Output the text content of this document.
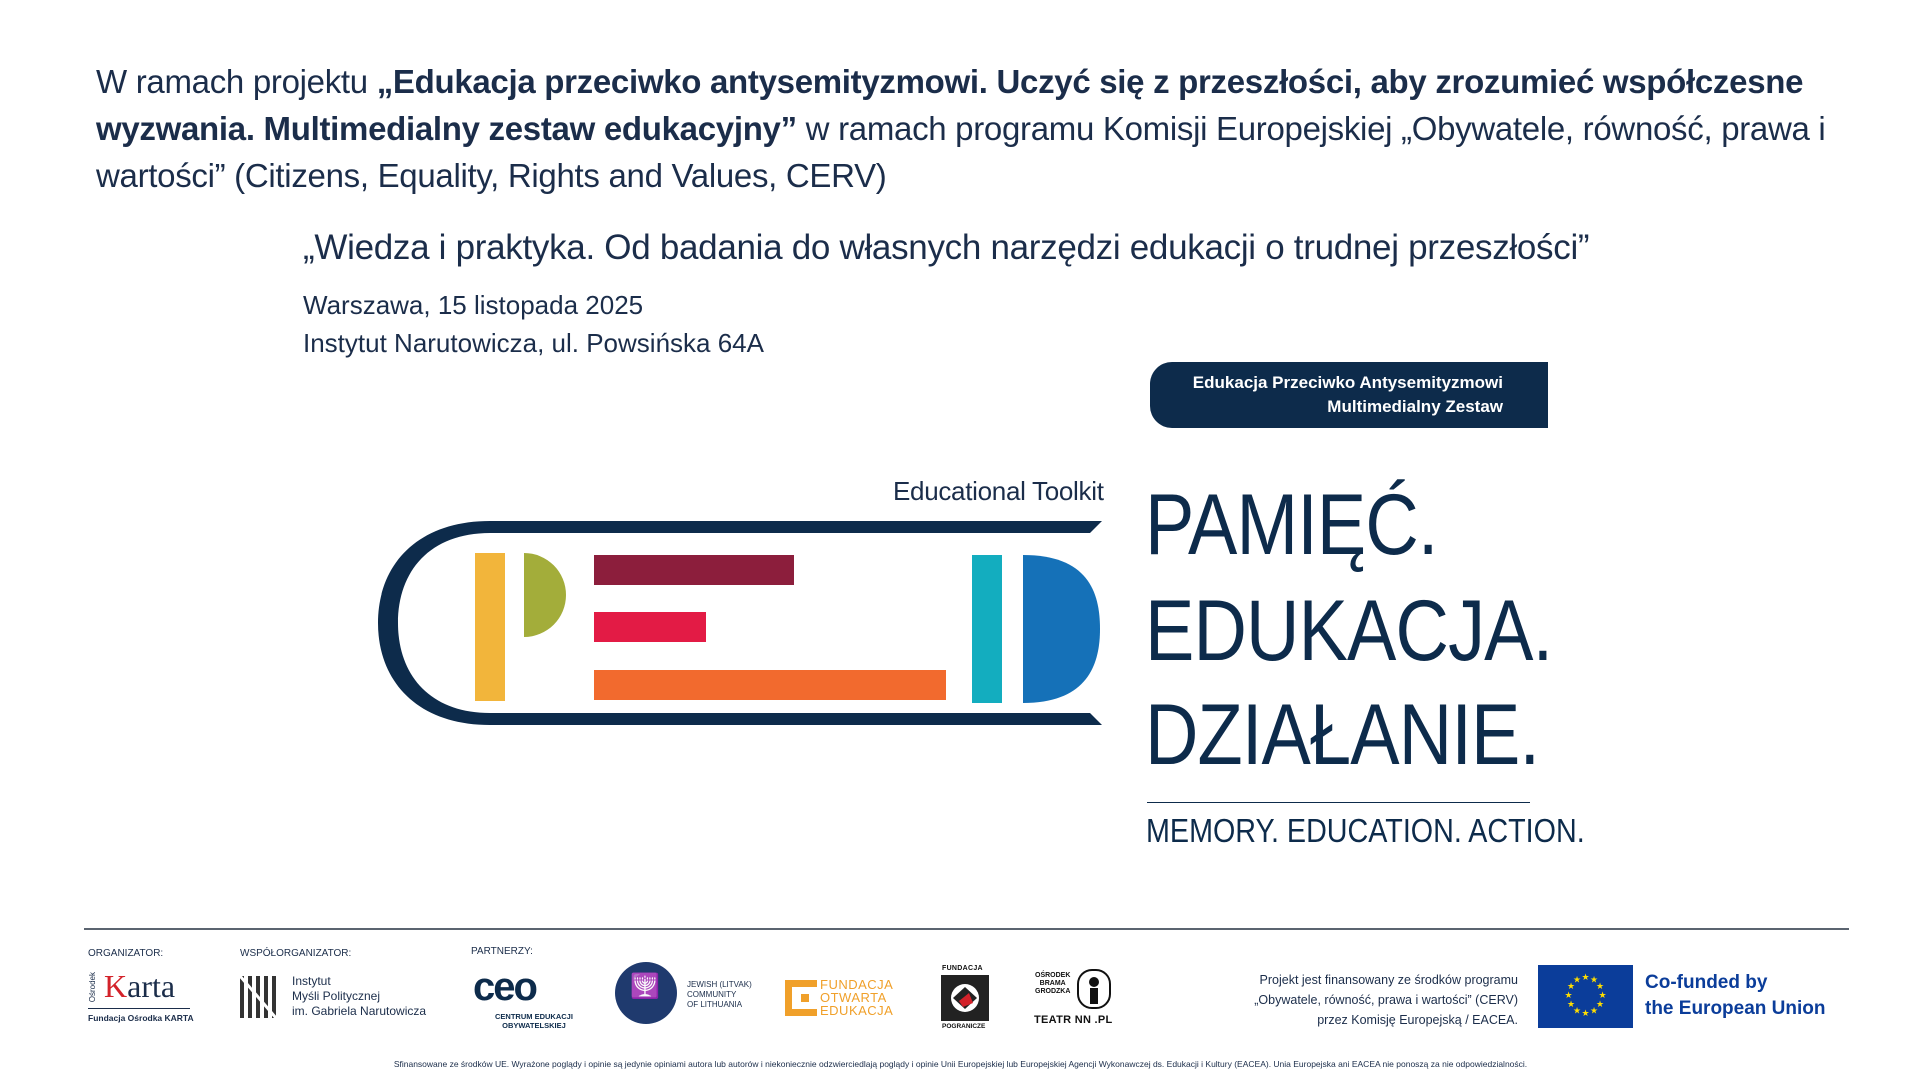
W ramach projektu „Edukacja przeciwko antysemityzmowi. Uczyć się z przeszłości, aby zrozumieć współczesne wyzwania. Multimedialny zestaw edukacyjny” w ramach programu Komisji Europejskiej „Obywatele, równość, prawa i wartości” (Citizens, Equality, Rights and Values, CERV)
„Wiedza i praktyka. Od badania do własnych narzędzi edukacji o trudnej przeszłości”
Warszawa, 15 listopada 2025
Instytut Narutowicza, ul. Powsińska 64A
Edukacja Przeciwko Antysemityzmowi
Multimedialny Zestaw
Educational Toolkit PAMIĘĆ.
EDUKACJA.
DZIAŁANIE.
MEMORY. EDUCATION. ACTION.
ORGANIZATOR:	WSPÓŁORGANIZATOR:	PARTNERZY:
Ośrodek Karta
Fundacja Ośrodka KARTA
Instytut
Myśli Politycznej
im. Gabriela Narutowicza
ceo
CENTRUM EDUKACJI
OBYWATELSKIEJ
🕎	JEWISH (LITVAK)
COMMUNITY
OF LITHUANIA
FUNDACJA
OTWARTA
EDUKACJA
FUNDACJA
POGRANICZE
OŚRODEK
BRAMA
GRODZKA
TEATR NN .PL
Projekt jest finansowany ze środków programu
„Obywatele, równość, prawa i wartości” (CERV)
przez Komisję Europejską / EACEA.
★ ★
★
★
★
★
★
★
★
★
★
★	Co-funded by
the European Union
Sfinansowane ze środków UE. Wyrażone poglądy i opinie są jedynie opiniami autora lub autorów i niekoniecznie odzwierciedlają poglądy i opinie Unii Europejskiej lub Europejskiej Agencji Wykonawczej ds. Edukacji i Kultury (EACEA). Unia Europejska ani EACEA nie ponoszą za nie odpowiedzialności.
